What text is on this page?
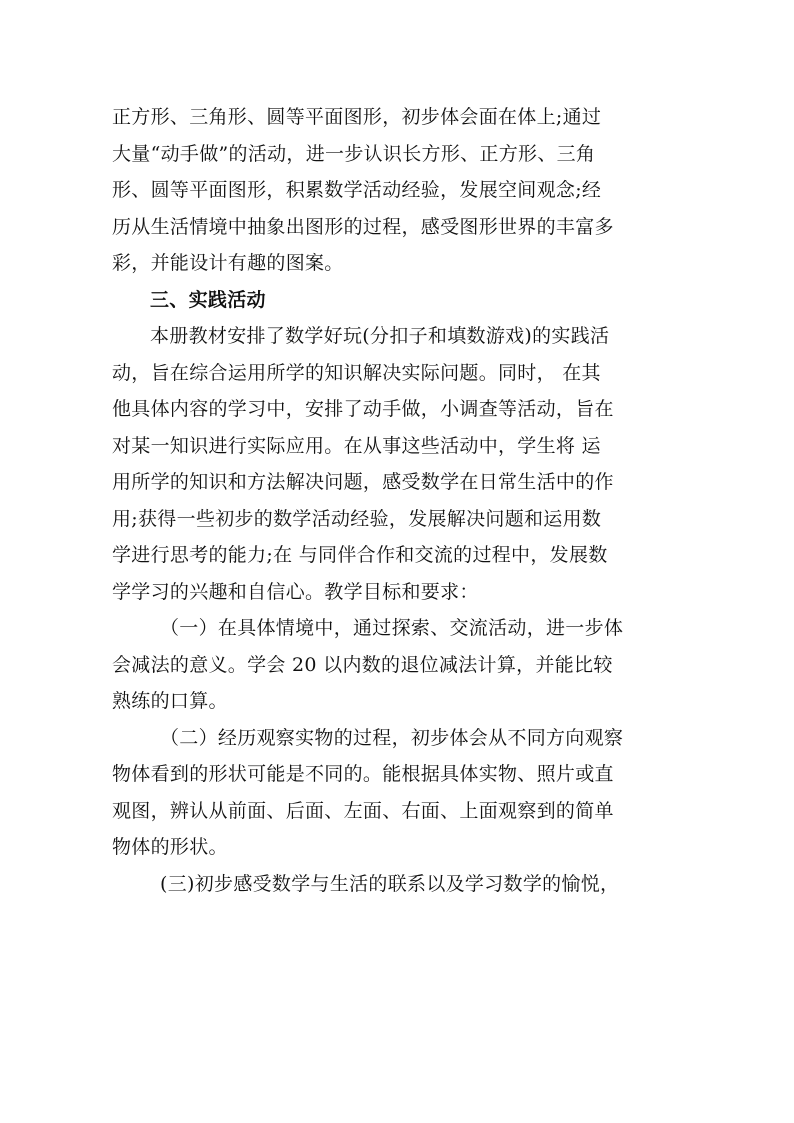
正方形、三角形、圆等平面图形，初步体会面在体上;通过
大量“动手做”的活动，进一步认识长方形、正方形、三角
形、圆等平面图形，积累数学活动经验，发展空间观念;经
历从生活情境中抽象出图形的过程，感受图形世界的丰富多
彩，并能设计有趣的图案。
三、实践活动
本册教材安排了数学好玩(分扣子和填数游戏)的实践活
动，旨在综合运用所学的知识解决实际问题。同时， 在其
他具体内容的学习中，安排了动手做，小调查等活动，旨在
对某一知识进行实际应用。在从事这些活动中，学生将 运
用所学的知识和方法解决问题，感受数学在日常生活中的作
用;获得一些初步的数学活动经验，发展解决问题和运用数
学进行思考的能力;在 与同伴合作和交流的过程中，发展数
学学习的兴趣和自信心。教学目标和要求：
（一）在具体情境中，通过探索、交流活动，进一步体
会减法的意义。学会 20 以内数的退位减法计算，并能比较
熟练的口算。
（二）经历观察实物的过程，初步体会从不同方向观察
物体看到的形状可能是不同的。能根据具体实物、照片或直
观图，辨认从前面、后面、左面、右面、上面观察到的简单
物体的形状。
(三)初步感受数学与生活的联系以及学习数学的愉悦，
